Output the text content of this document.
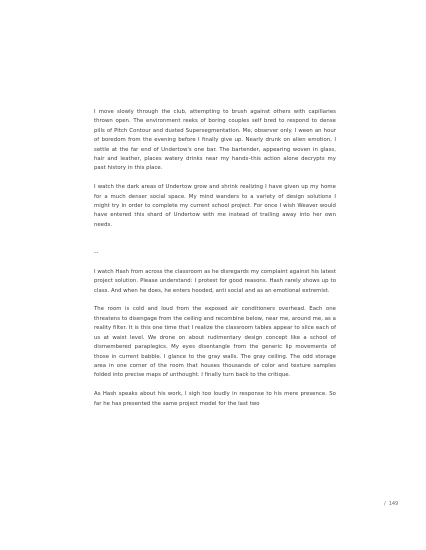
I move slowly through the club, attempting to brush against others with capillaries thrown open. The environment reeks of boring couples self bred to respond to dense pills of Pitch Contour and dusted Supersegmentation. Me, observer only. I ween an hour of boredom from the evening before I finally give up. Nearly drunk on alien emotion, I settle at the far end of Undertow's one bar. The bartender, appearing woven in glass, hair and leather, places watery drinks near my hands–this action alone decrypts my past history in this place.

I watch the dark areas of Undertow grow and shrink realizing I have given up my home for a much denser social space. My mind wanders to a variety of design solutions I might try in order to complete my current school project. For once I wish Weaver would have entered this shard of Undertow with me instead of trailing away into her own needs.

--

I watch Hash from across the classroom as he disregards my complaint against his latest project solution. Please understand: I protest for good reasons. Hash rarely shows up to class. And when he does, he enters hooded, anti social and as an emotional extremist.

The room is cold and loud from the exposed air conditioners overhead. Each one threatens to disengage from the ceiling and recombine below, near me, around me, as a reality filter. It is this one time that I realize the classroom tables appear to slice each of us at waist level. We drone on about rudimentary design concept like a school of dismembered paraplegics. My eyes disentangle from the generic lip movements of those in current babble. I glance to the gray walls. The gray ceiling. The odd storage area in one corner of the room that houses thousands of color and texture samples folded into precise maps of unthought. I finally turn back to the critique.

As Hash speaks about his work, I sigh too loudly in response to his mere presence. So far he has presented the same project model for the last two

/ 149
